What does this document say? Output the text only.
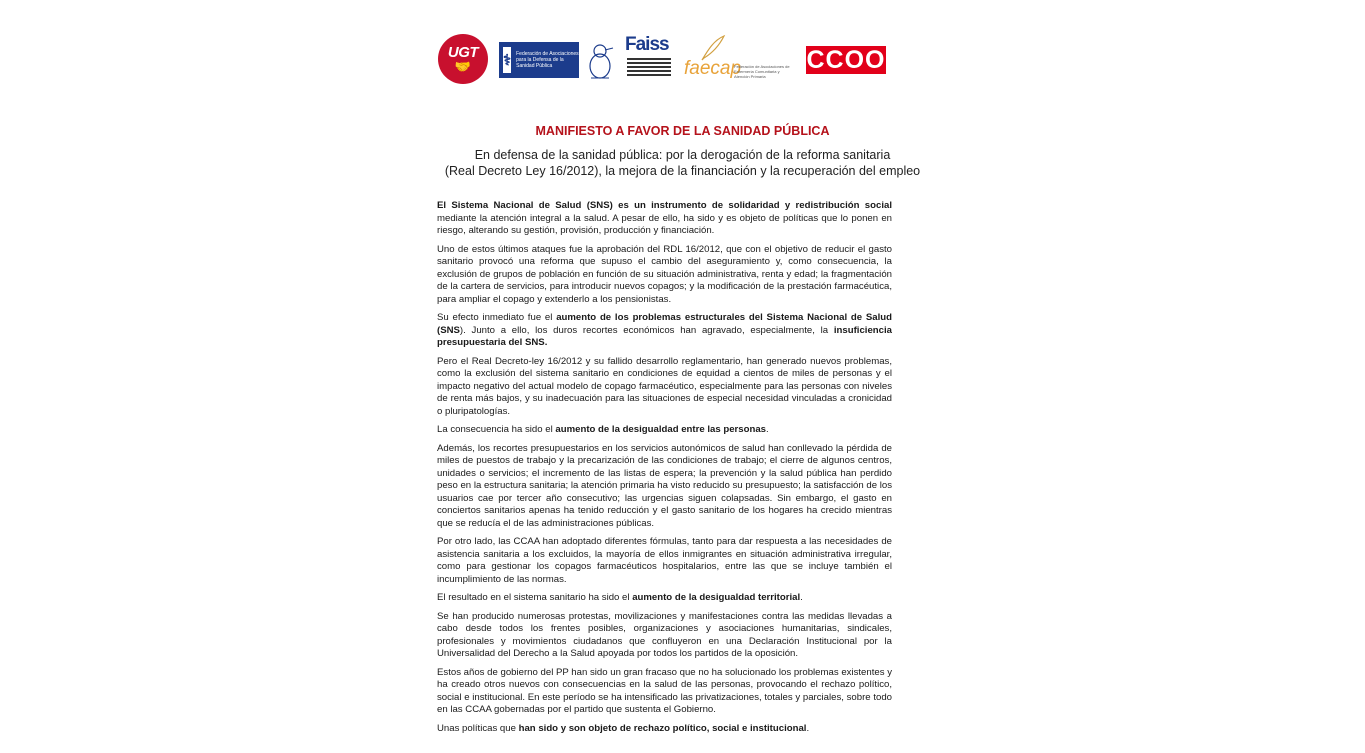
UGT
🤝 ⚕ Federación de Asociaciones para la Defensa de la Sanidad Pública
Faiss
faecap
Federación de Asociaciones de Enfermería Comunitaria y Atención Primaria
CCOO
MANIFIESTO A FAVOR DE LA SANIDAD PÚBLICA
En defensa de la sanidad pública: por la derogación de la reforma sanitaria
(Real Decreto Ley 16/2012), la mejora de la financiación y la recuperación del empleo

El Sistema Nacional de Salud (SNS) es un instrumento de solidaridad y redistribución social mediante la atención integral a la salud. A pesar de ello, ha sido y es objeto de políticas que lo ponen en riesgo, alterando su gestión, provisión, producción y financiación.

Uno de estos últimos ataques fue la aprobación del RDL 16/2012, que con el objetivo de reducir el gasto sanitario provocó una reforma que supuso el cambio del aseguramiento y, como consecuencia, la exclusión de grupos de población en función de su situación administrativa, renta y edad; la fragmentación de la cartera de servicios, para introducir nuevos copagos; y la modificación de la prestación farmacéutica, para ampliar el copago y extenderlo a los pensionistas.

Su efecto inmediato fue el aumento de los problemas estructurales del Sistema Nacional de Salud (SNS). Junto a ello, los duros recortes económicos han agravado, especialmente, la insuficiencia presupuestaria del SNS.

Pero el Real Decreto-ley 16/2012 y su fallido desarrollo reglamentario, han generado nuevos problemas, como la exclusión del sistema sanitario en condiciones de equidad a cientos de miles de personas y el impacto negativo del actual modelo de copago farmacéutico, especialmente para las personas con niveles de renta más bajos, y su inadecuación para las situaciones de especial necesidad vinculadas a cronicidad o pluripatologías.

La consecuencia ha sido el aumento de la desigualdad entre las personas.

Además, los recortes presupuestarios en los servicios autonómicos de salud han conllevado la pérdida de miles de puestos de trabajo y la precarización de las condiciones de trabajo; el cierre de algunos centros, unidades o servicios; el incremento de las listas de espera; la prevención y la salud pública han perdido peso en la estructura sanitaria; la atención primaria ha visto reducido su presupuesto; la satisfacción de los usuarios cae por tercer año consecutivo; las urgencias siguen colapsadas. Sin embargo, el gasto en conciertos sanitarios apenas ha tenido reducción y el gasto sanitario de los hogares ha crecido mientras que se reducía el de las administraciones públicas.

Por otro lado, las CCAA han adoptado diferentes fórmulas, tanto para dar respuesta a las necesidades de asistencia sanitaria a los excluidos, la mayoría de ellos inmigrantes en situación administrativa irregular, como para gestionar los copagos farmacéuticos hospitalarios, entre las que se incluye también el incumplimiento de las normas.

El resultado en el sistema sanitario ha sido el aumento de la desigualdad territorial.

Se han producido numerosas protestas, movilizaciones y manifestaciones contra las medidas llevadas a cabo desde todos los frentes posibles, organizaciones y asociaciones humanitarias, sindicales, profesionales y movimientos ciudadanos que confluyeron en una Declaración Institucional por la Universalidad del Derecho a la Salud apoyada por todos los partidos de la oposición.

Estos años de gobierno del PP han sido un gran fracaso que no ha solucionado los problemas existentes y ha creado otros nuevos con consecuencias en la salud de las personas, provocando el rechazo político, social e institucional. En este período se ha intensificado las privatizaciones, totales y parciales, sobre todo en las CCAA gobernadas por el partido que sustenta el Gobierno.

Unas políticas que han sido y son objeto de rechazo político, social e institucional.
